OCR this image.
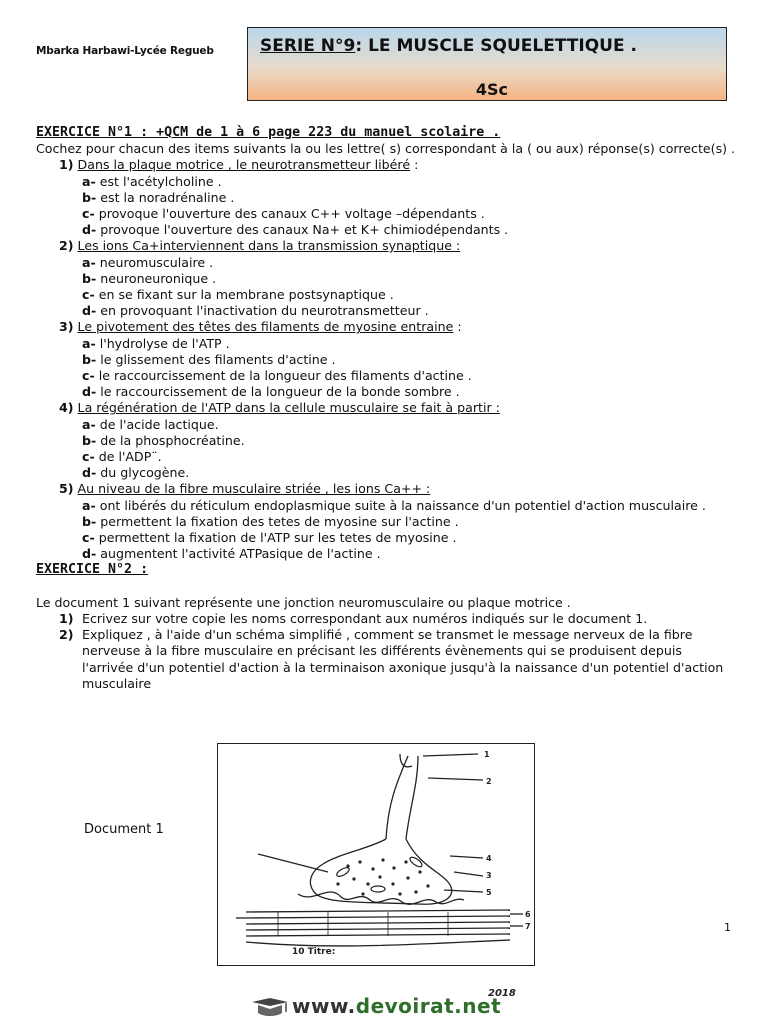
Mbarka Harbawi-Lycée Regueb	SERIE N°9: LE MUSCLE SQUELETTIQUE .
4Sc

EXERCICE N°1 : +QCM de 1 à 6 page 223 du manuel scolaire .

Cochez pour chacun des items suivants la ou les lettre( s) correspondant à la ( ou aux) réponse(s) correcte(s) .

1) Dans la plaque motrice , le neurotransmetteur libéré :

a- est l'acétylcholine .

b- est la noradrénaline .

c- provoque l'ouverture des canaux C++ voltage –dépendants .

d- provoque l'ouverture des canaux Na+ et K+ chimiodépendants .

2) Les ions Ca+interviennent dans la transmission synaptique :

a- neuromusculaire .

b- neuroneuronique .

c- en se fixant sur la membrane postsynaptique .

d- en provoquant l'inactivation du neurotransmetteur .

3) Le pivotement des têtes des filaments de myosine entraine :

a- l'hydrolyse de l'ATP .

b- le glissement des filaments d'actine .

c- le raccourcissement de la longueur des filaments d'actine .

d- le raccourcissement de la longueur de la bonde sombre .

4) La régénération de l'ATP dans la cellule musculaire se fait à partir :

a- de l'acide lactique.

b- de la phosphocréatine.

c- de l'ADP¨.

d- du glycogène.

5) Au niveau de la fibre musculaire striée , les ions Ca++ :

a- ont libérés du réticulum endoplasmique suite à la naissance d'un potentiel d'action musculaire .

b- permettent la fixation des tetes de myosine sur l'actine .

c- permettent la fixation de l'ATP sur les tetes de myosine .

d- augmentent l'activité ATPasique de l'actine .

EXERCICE N°2 :

Le document 1 suivant représente une jonction neuromusculaire ou plaque motrice .

1) Ecrivez sur votre copie les noms correspondant aux numéros indiqués sur le document 1.
2) Expliquez , à l'aide d'un schéma simplifié , comment se transmet le message nerveux de la fibre nerveuse à la fibre musculaire en précisant les différents évènements qui se produisent depuis l'arrivée d'un potentiel d'action à la terminaison axonique jusqu'à la naissance d'un potentiel d'action musculaire
Document 1
1
2
3
4
5
6
7
10 Titre:
1
www.devoirat.net
2018
